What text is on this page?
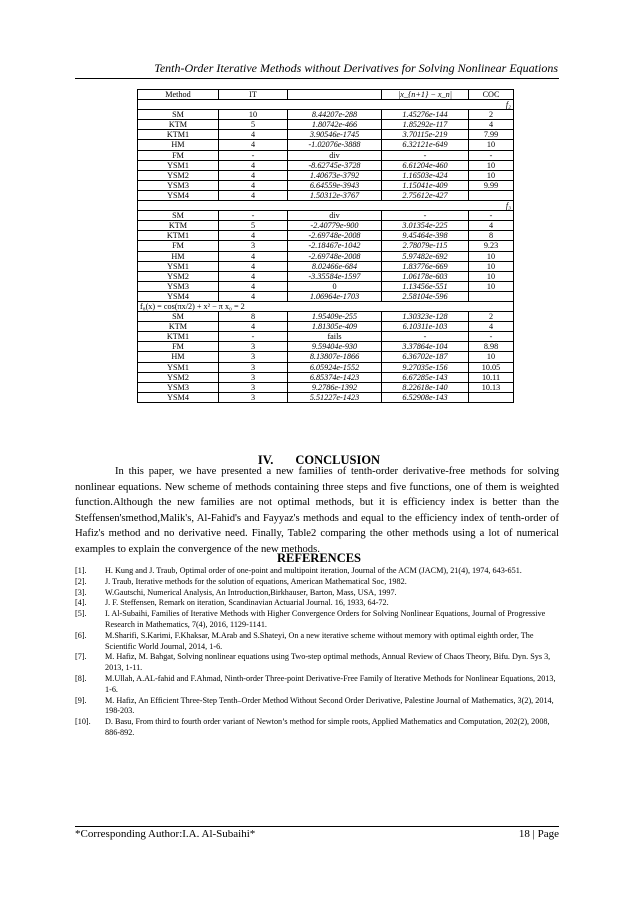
Tenth-Order Iterative Methods without Derivatives for Solving Nonlinear Equations
Method	IT		|x_{n+1} − x_n|	COC
f₂				
SM	10	8.44207e-288	1.45276e-144	2
KTM	5	1.80742e-466	1.85292e-117	4
KTM1	4	3.90546e-1745	3.70115e-219	7.99
HM	4	-1.02076e-3888	6.32121e-649	10
FM	-	div	-	-
YSM1	4	-8.62745e-3728	6.61204e-460	10
YSM2	4	1.40673e-3792	1.16503e-424	10
YSM3	4	6.64559e-3943	1.15041e-409	9.99
YSM4	4	1.50312e-3767	2.75612e-427	
f₃				
SM	-	div	-	-
KTM	5	-2.40779e-900	3.01354e-225	4
KTM1	4	-2.69748e-2008	9.45464e-398	8
FM	3	-2.18467e-1042	2.78079e-115	9.23
HM	4	-2.69748e-2008	5.97482e-692	10
YSM1	4	8.02466e-684	1.83776e-669	10
YSM2	4	-3.35584e-1597	1.06178e-603	10
YSM3	4	0	1.13456e-551	10
YSM4	4	1.06964e-1703	2.58104e-596	
f₈(x) = cos(πx/2) + x² − π x₀ = 2				
SM	8	1.95409e-255	1.30323e-128	2
KTM	4	1.81305e-409	6.10311e-103	4
KTM1	-	fails	-	-
FM	3	9.59404e-930	3.37864e-104	8.98
HM	3	8.13807e-1866	6.36702e-187	10
YSM1	3	6.05924e-1552	9.27035e-156	10.05
YSM2	3	6.85374e-1423	6.67285e-143	10.11
YSM3	3	9.2786e-1392	8.22618e-140	10.13
YSM4	3	5.51227e-1423	6.52908e-143	
IV. CONCLUSION

In this paper, we have presented a new families of tenth-order derivative-free methods for solving nonlinear equations. New scheme of methods containing three steps and five functions, one of them is weighted function.Although the new families are not optimal methods, but it is efficiency index is better than the Steffensen'smethod,Malik's, Al-Fahid's and Fayyaz's methods and equal to the efficiency index of tenth-order of Hafiz's method and no derivative need. Finally, Table2 comparing the other methods using a lot of numerical examples to explain the convergence of the new methods.

REFERENCES
[1].	H. Kung and J. Traub, Optimal order of one-point and multipoint iteration, Journal of the ACM (JACM), 21(4), 1974, 643-651.
[2].	J. Traub, Iterative methods for the solution of equations, American Mathematical Soc, 1982.
[3].	W.Gautschi, Numerical Analysis, An Introduction,Birkhauser, Barton, Mass, USA, 1997.
[4].	J. F. Steffensen, Remark on iteration, Scandinavian Actuarial Journal. 16, 1933, 64-72.
[5].	I. Al-Subaihi, Families of Iterative Methods with Higher Convergence Orders for Solving Nonlinear Equations, Journal of Progressive Research in Mathematics, 7(4), 2016, 1129-1141.
[6].	M.Sharifi, S.Karimi, F.Khaksar, M.Arab and S.Shateyi, On a new iterative scheme without memory with optimal eighth order, The Scientific World Journal, 2014, 1-6.
[7].	M. Hafiz, M. Bahgat, Solving nonlinear equations using Two-step optimal methods, Annual Review of Chaos Theory, Bifu. Dyn. Sys 3, 2013, 1-11.
[8].	M.Ullah, A.AL-fahid and F.Ahmad, Ninth-order Three-point Derivative-Free Family of Iterative Methods for Nonlinear Equations, 2013, 1-6.
[9].	M. Hafiz, An Efficient Three-Step Tenth–Order Method Without Second Order Derivative, Palestine Journal of Mathematics, 3(2), 2014, 198-203.
[10].	D. Basu, From third to fourth order variant of Newton’s method for simple roots, Applied Mathematics and Computation, 202(2), 2008, 886-892.
*Corresponding Author:I.A. Al-Subaihi*	18 | Page
